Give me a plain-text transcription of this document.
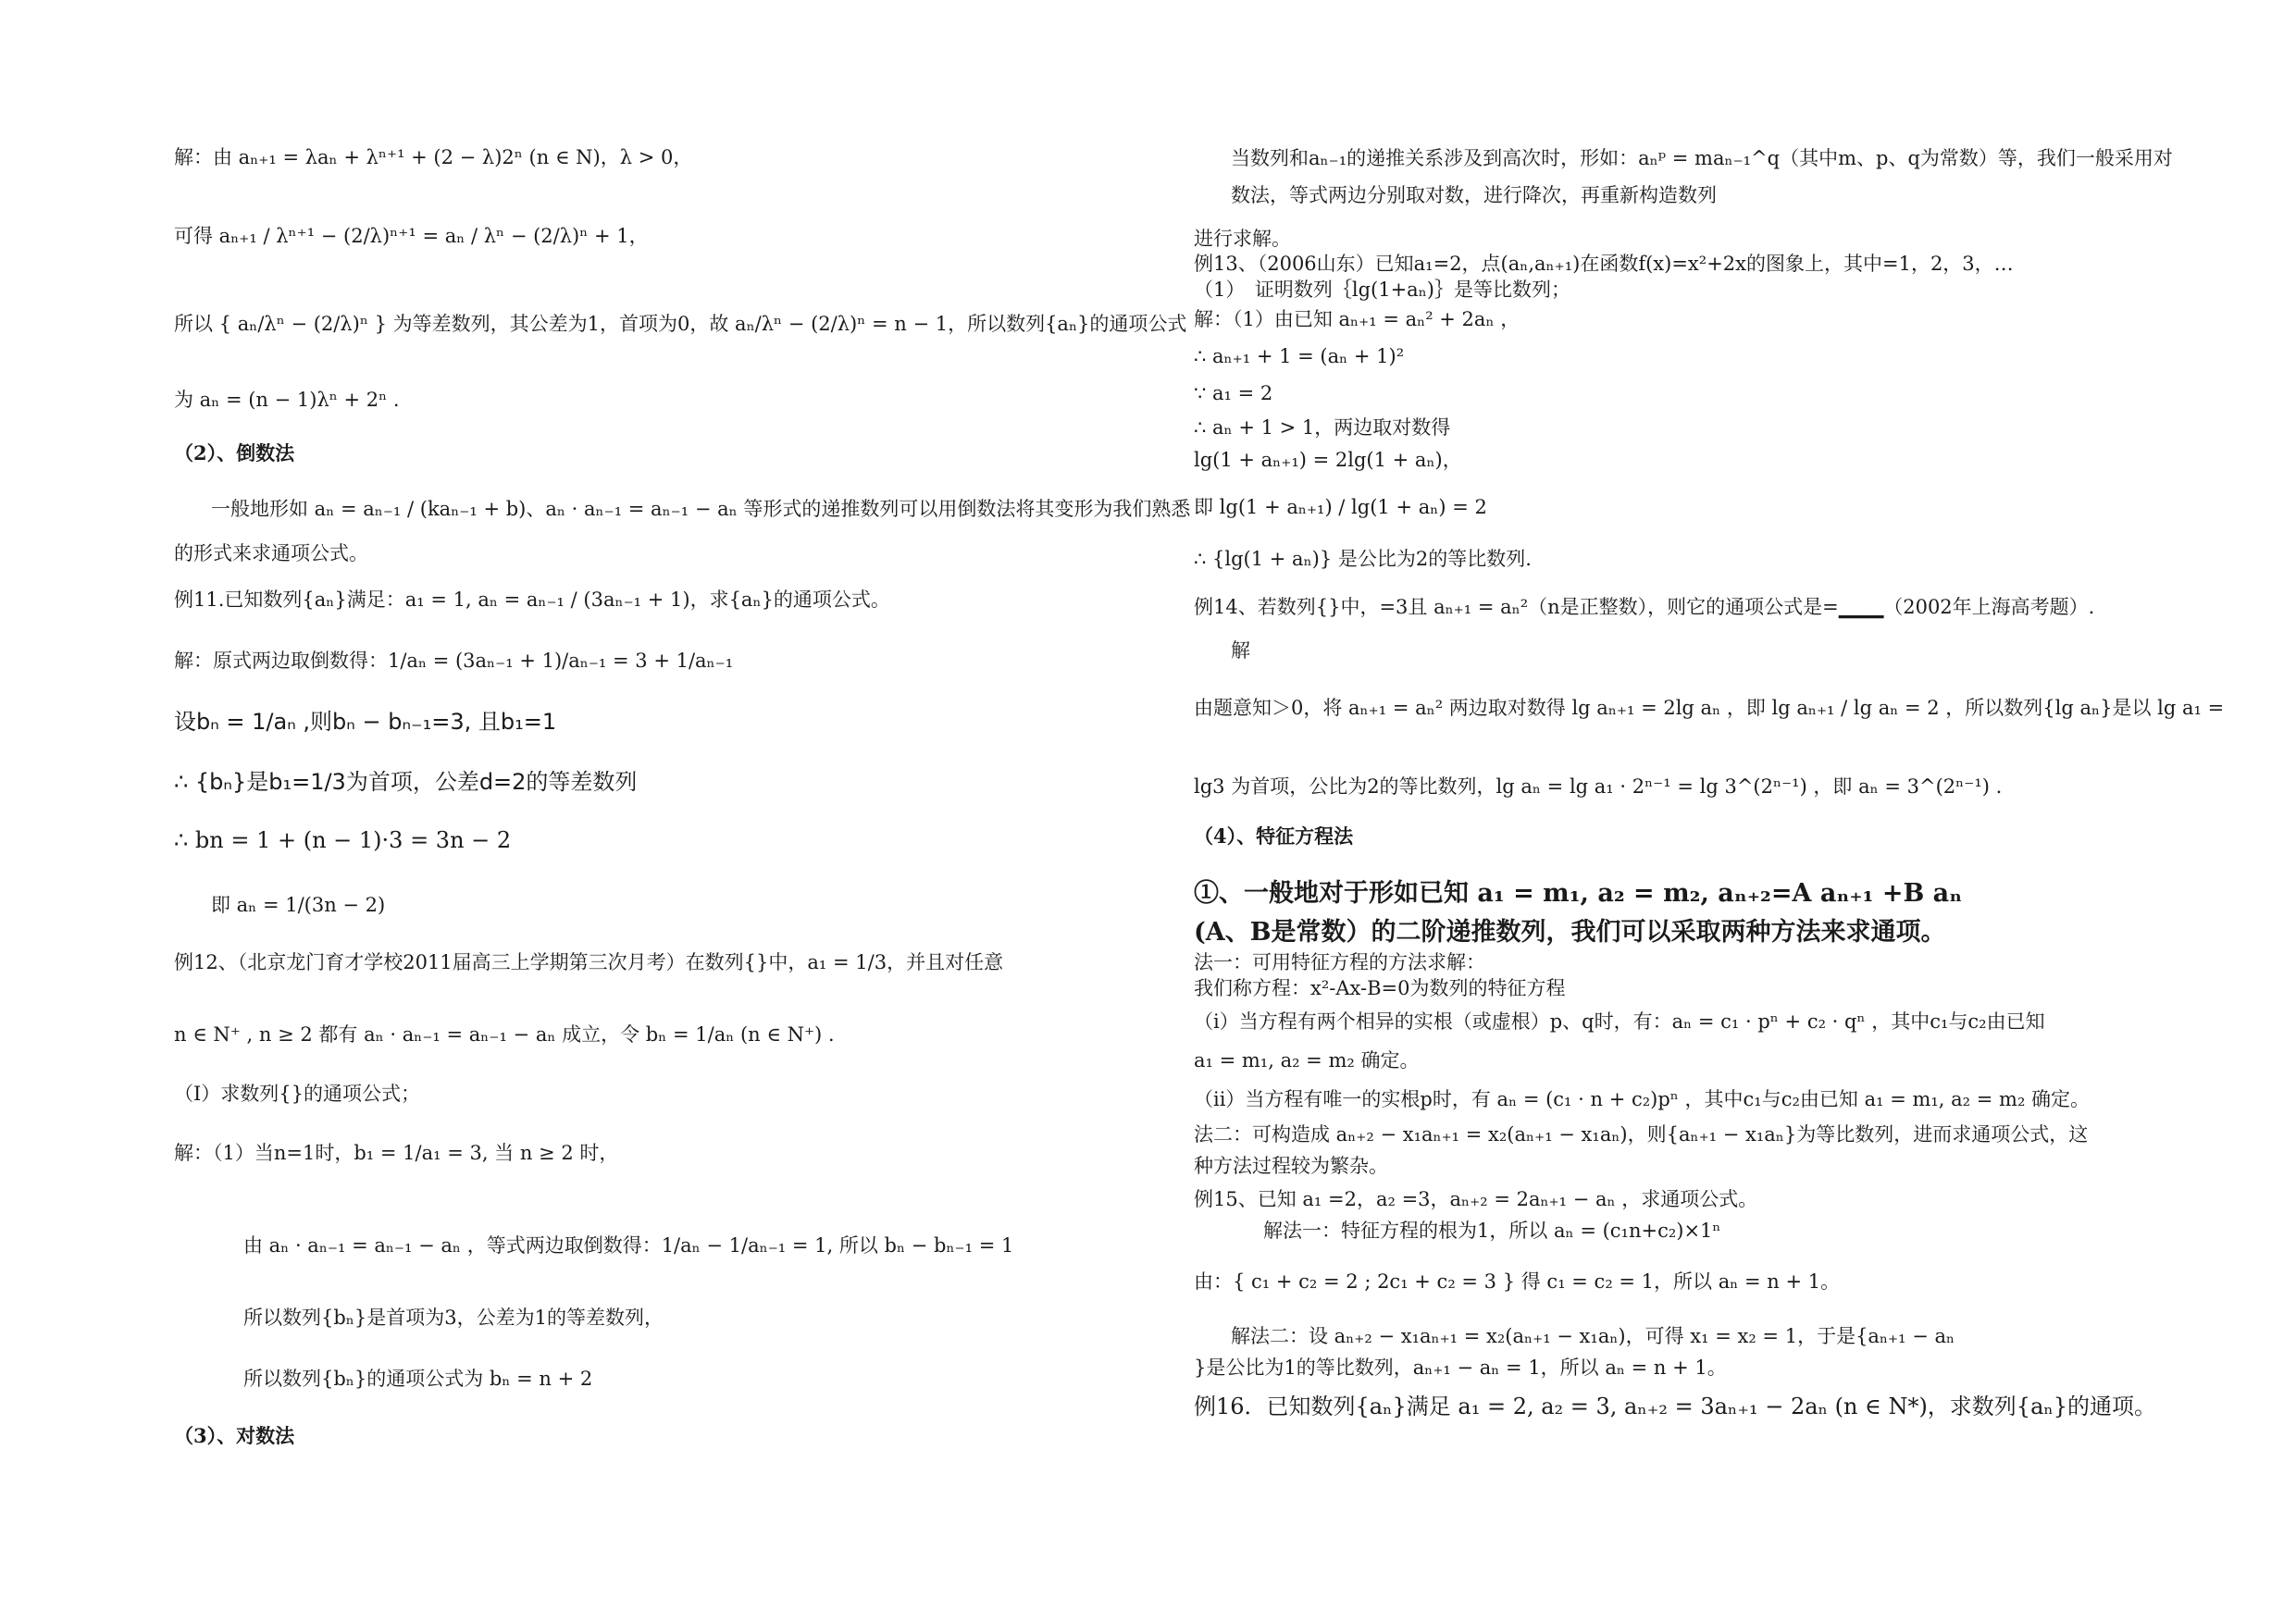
解：由 aₙ₊₁ = λaₙ + λⁿ⁺¹ + (2 − λ)2ⁿ (n ∈ N)，λ > 0，
可得 aₙ₊₁ / λⁿ⁺¹ − (2/λ)ⁿ⁺¹ = aₙ / λⁿ − (2/λ)ⁿ + 1，
所以 { aₙ/λⁿ − (2/λ)ⁿ } 为等差数列，其公差为1，首项为0，故 aₙ/λⁿ − (2/λ)ⁿ = n − 1，所以数列{aₙ}的通项公式
为 aₙ = (n − 1)λⁿ + 2ⁿ .
（2）、倒数法
一般地形如 aₙ = aₙ₋₁ / (kaₙ₋₁ + b)、aₙ · aₙ₋₁ = aₙ₋₁ − aₙ 等形式的递推数列可以用倒数法将其变形为我们熟悉
的形式来求通项公式。
例11.已知数列{aₙ}满足：a₁ = 1, aₙ = aₙ₋₁ / (3aₙ₋₁ + 1)，求{aₙ}的通项公式。
解：原式两边取倒数得：1/aₙ = (3aₙ₋₁ + 1)/aₙ₋₁ = 3 + 1/aₙ₋₁
设bₙ = 1/aₙ ,则bₙ − bₙ₋₁=3, 且b₁=1
∴ {bₙ}是b₁=1/3为首项，公差d=2的等差数列
∴ bn = 1 + (n − 1)·3 = 3n − 2
即 aₙ = 1/(3n − 2)
例12、（北京龙门育才学校2011届高三上学期第三次月考）在数列{}中，a₁ = 1/3，并且对任意
n ∈ N⁺ , n ≥ 2 都有 aₙ · aₙ₋₁ = aₙ₋₁ − aₙ 成立，令 bₙ = 1/aₙ (n ∈ N⁺) .
（Ⅰ）求数列{}的通项公式；
解：（1）当n=1时，b₁ = 1/a₁ = 3, 当 n ≥ 2 时，
由 aₙ · aₙ₋₁ = aₙ₋₁ − aₙ ，等式两边取倒数得：1/aₙ − 1/aₙ₋₁ = 1, 所以 bₙ − bₙ₋₁ = 1
所以数列{bₙ}是首项为3，公差为1的等差数列，
所以数列{bₙ}的通项公式为 bₙ = n + 2
（3）、对数法
当数列和aₙ₋₁的递推关系涉及到高次时，形如：aₙᵖ = maₙ₋₁^q（其中m、p、q为常数）等，我们一般采用对数法，等式两边分别取对数，进行降次，再重新构造数列
进行求解。
例13、（2006山东）已知a₁=2，点(aₙ,aₙ₊₁)在函数f(x)=x²+2x的图象上，其中=1，2，3，…
（1）　证明数列｛lg(1+aₙ)｝是等比数列；
解：（1）由已知 aₙ₊₁ = aₙ² + 2aₙ ，
∴ aₙ₊₁ + 1 = (aₙ + 1)²
∵ a₁ = 2
∴ aₙ + 1 > 1，两边取对数得
lg(1 + aₙ₊₁) = 2lg(1 + aₙ)，
即 lg(1 + aₙ₊₁) / lg(1 + aₙ) = 2
∴ {lg(1 + aₙ)} 是公比为2的等比数列.
例14、若数列{}中，=3且 aₙ₊₁ = aₙ²（n是正整数），则它的通项公式是=▁▁▁（2002年上海高考题）.
解
由题意知＞0，将 aₙ₊₁ = aₙ² 两边取对数得 lg aₙ₊₁ = 2lg aₙ ，即 lg aₙ₊₁ / lg aₙ = 2 ，所以数列{lg aₙ}是以 lg a₁ =
lg3 为首项，公比为2的等比数列，lg aₙ = lg a₁ · 2ⁿ⁻¹ = lg 3^(2ⁿ⁻¹) ，即 aₙ = 3^(2ⁿ⁻¹) .
（4）、特征方程法
①、一般地对于形如已知 a₁ = m₁, a₂ = m₂, aₙ₊₂=A aₙ₊₁ +B aₙ
(A、B是常数）的二阶递推数列，我们可以采取两种方法来求通项。
法一：可用特征方程的方法求解：
我们称方程：x²-Ax-B=0为数列的特征方程
（i）当方程有两个相异的实根（或虚根）p、q时，有：aₙ = c₁ · pⁿ + c₂ · qⁿ ，其中c₁与c₂由已知
a₁ = m₁, a₂ = m₂ 确定。
（ii）当方程有唯一的实根p时，有 aₙ = (c₁ · n + c₂)pⁿ ，其中c₁与c₂由已知 a₁ = m₁, a₂ = m₂ 确定。
法二：可构造成 aₙ₊₂ − x₁aₙ₊₁ = x₂(aₙ₊₁ − x₁aₙ)，则{aₙ₊₁ − x₁aₙ}为等比数列，进而求通项公式，这
种方法过程较为繁杂。
例15、已知 a₁ =2，a₂ =3，aₙ₊₂ = 2aₙ₊₁ − aₙ ，求通项公式。
解法一：特征方程的根为1，所以 aₙ = (c₁n+c₂)×1ⁿ
由：{ c₁ + c₂ = 2 ; 2c₁ + c₂ = 3 } 得 c₁ = c₂ = 1，所以 aₙ = n + 1。
解法二：设 aₙ₊₂ − x₁aₙ₊₁ = x₂(aₙ₊₁ − x₁aₙ)，可得 x₁ = x₂ = 1，于是{aₙ₊₁ − aₙ
}是公比为1的等比数列，aₙ₊₁ − aₙ = 1，所以 aₙ = n + 1。
例16．已知数列{aₙ}满足 a₁ = 2, a₂ = 3, aₙ₊₂ = 3aₙ₊₁ − 2aₙ (n ∈ N*)，求数列{aₙ}的通项。
